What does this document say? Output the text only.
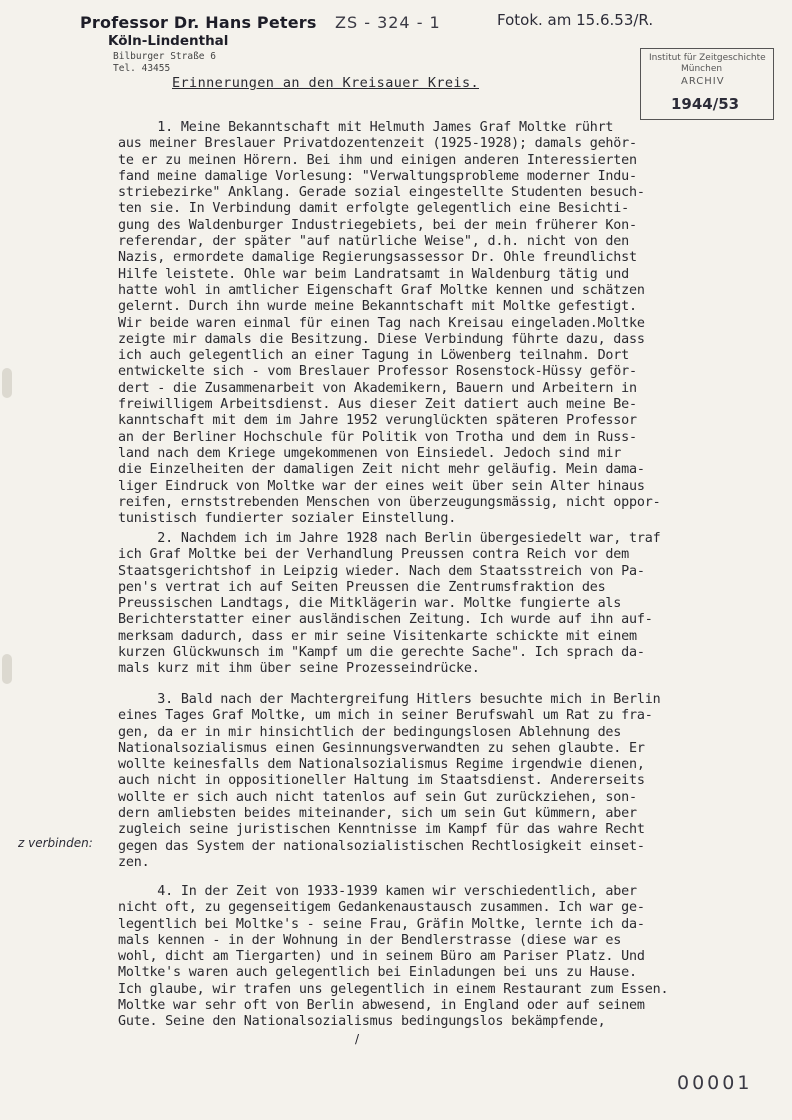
Professor Dr. Hans Peters
Köln-Lindenthal
Bilburger Straße 6
Tel. 43455
ZS - 324 - 1	Fotok. am 15.6.53/R.
Institut für Zeitgeschichte
München
ARCHIV
1944/53
Erinnerungen an den Kreisauer Kreis.
1. Meine Bekanntschaft mit Helmuth James Graf Moltke rührt
aus meiner Breslauer Privatdozentenzeit (1925-1928); damals gehör-
te er zu meinen Hörern. Bei ihm und einigen anderen Interessierten
fand meine damalige Vorlesung: "Verwaltungsprobleme moderner Indu-
striebezirke" Anklang. Gerade sozial eingestellte Studenten besuch-
ten sie. In Verbindung damit erfolgte gelegentlich eine Besichti-
gung des Waldenburger Industriegebiets, bei der mein früherer Kon-
referendar, der später "auf natürliche Weise", d.h. nicht von den
Nazis, ermordete damalige Regierungsassessor Dr. Ohle freundlichst
Hilfe leistete. Ohle war beim Landratsamt in Waldenburg tätig und
hatte wohl in amtlicher Eigenschaft Graf Moltke kennen und schätzen
gelernt. Durch ihn wurde meine Bekanntschaft mit Moltke gefestigt.
Wir beide waren einmal für einen Tag nach Kreisau eingeladen.Moltke
zeigte mir damals die Besitzung. Diese Verbindung führte dazu, dass
ich auch gelegentlich an einer Tagung in Löwenberg teilnahm. Dort
entwickelte sich - vom Breslauer Professor Rosenstock-Hüssy geför-
dert - die Zusammenarbeit von Akademikern, Bauern und Arbeitern in
freiwilligem Arbeitsdienst. Aus dieser Zeit datiert auch meine Be-
kanntschaft mit dem im Jahre 1952 verunglückten späteren Professor
an der Berliner Hochschule für Politik von Trotha und dem in Russ-
land nach dem Kriege umgekommenen von Einsiedel. Jedoch sind mir
die Einzelheiten der damaligen Zeit nicht mehr geläufig. Mein dama-
liger Eindruck von Moltke war der eines weit über sein Alter hinaus
reifen, ernststrebenden Menschen von überzeugungsmässig, nicht oppor-
tunistisch fundierter sozialer Einstellung.
2. Nachdem ich im Jahre 1928 nach Berlin übergesiedelt war, traf
ich Graf Moltke bei der Verhandlung Preussen contra Reich vor dem
Staatsgerichtshof in Leipzig wieder. Nach dem Staatsstreich von Pa-
pen's vertrat ich auf Seiten Preussen die Zentrumsfraktion des
Preussischen Landtags, die Mitklägerin war. Moltke fungierte als
Berichterstatter einer ausländischen Zeitung. Ich wurde auf ihn auf-
merksam dadurch, dass er mir seine Visitenkarte schickte mit einem
kurzen Glückwunsch im "Kampf um die gerechte Sache". Ich sprach da-
mals kurz mit ihm über seine Prozesseindrücke.
3. Bald nach der Machtergreifung Hitlers besuchte mich in Berlin
eines Tages Graf Moltke, um mich in seiner Berufswahl um Rat zu fra-
gen, da er in mir hinsichtlich der bedingungslosen Ablehnung des
Nationalsozialismus einen Gesinnungsverwandten zu sehen glaubte. Er
wollte keinesfalls dem Nationalsozialismus Regime irgendwie dienen,
auch nicht in oppositioneller Haltung im Staatsdienst. Andererseits
wollte er sich auch nicht tatenlos auf sein Gut zurückziehen, son-
dern amliebsten beides miteinander, sich um sein Gut kümmern, aber
zugleich seine juristischen Kenntnisse im Kampf für das wahre Recht
gegen das System der nationalsozialistischen Rechtlosigkeit einset-
zen.
4. In der Zeit von 1933-1939 kamen wir verschiedentlich, aber
nicht oft, zu gegenseitigem Gedankenaustausch zusammen. Ich war ge-
legentlich bei Moltke's - seine Frau, Gräfin Moltke, lernte ich da-
mals kennen - in der Wohnung in der Bendlerstrasse (diese war es
wohl, dicht am Tiergarten) und in seinem Büro am Pariser Platz. Und
Moltke's waren auch gelegentlich bei Einladungen bei uns zu Hause.
Ich glaube, wir trafen uns gelegentlich in einem Restaurant zum Essen.
Moltke war sehr oft von Berlin abwesend, in England oder auf seinem
Gute. Seine den Nationalsozialismus bedingungslos bekämpfende,
z verbinden:
/
00001
